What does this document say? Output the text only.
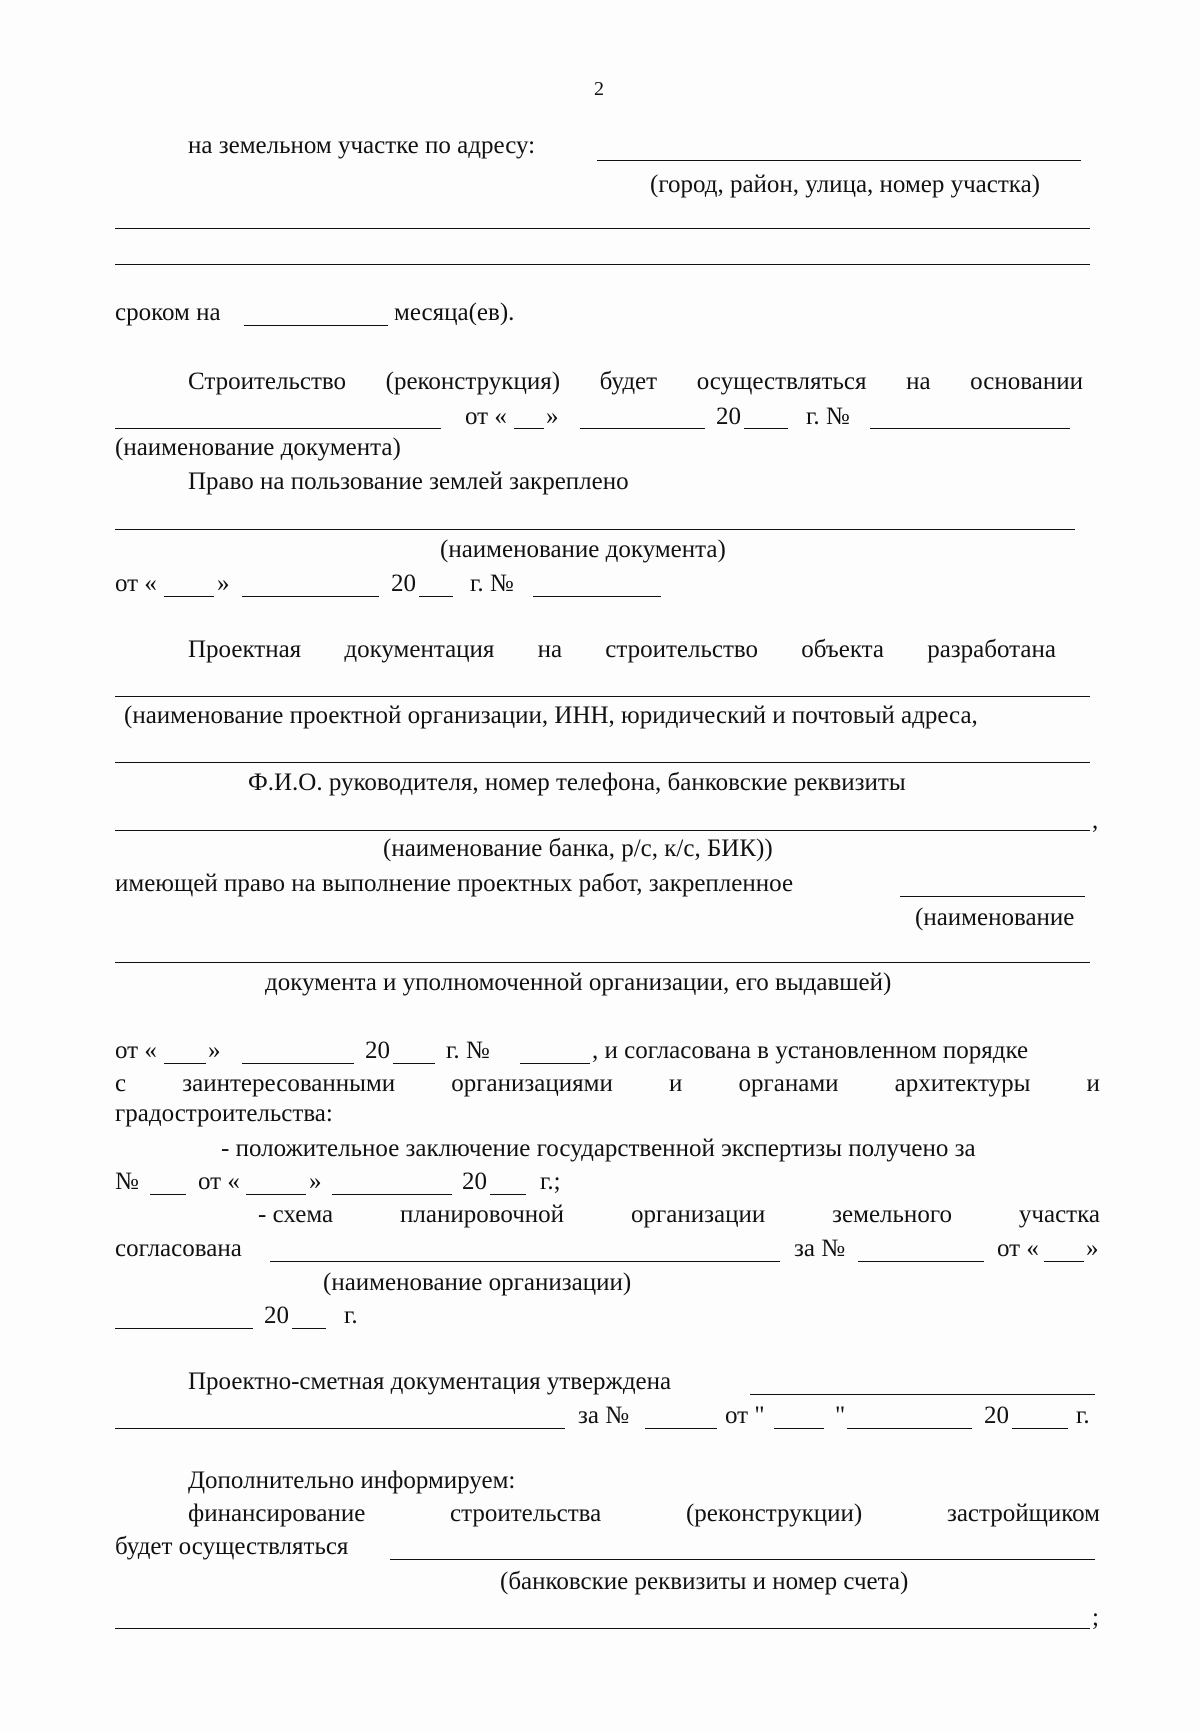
2
на земельном участке по адресу:
(город, район, улица, номер участка)
сроком на	месяца(ев).
Строительство (реконструкция) будет осуществляться на основании
от « »	20	г. №
(наименование документа)
Право на пользование землей закреплено
(наименование документа)
от « »	20 г. №
Проектная документация на строительство объекта разработана
(наименование проектной организации, ИНН, юридический и почтовый адреса,
Ф.И.О. руководителя, номер телефона, банковские реквизиты
,
(наименование банка, р/с, к/с, БИК))
имеющей право на выполнение проектных работ, закрепленное
(наименование
документа и уполномоченной организации, его выдавшей)
от « »	20 г. №	, и согласована в установленном порядке
с заинтересованными организациями и органами архитектуры и
градостроительства:
- положительное заключение государственной экспертизы получено за
№ от «	»	20 г.;
- схема	планировочной	организации	земельного	участка
согласована	за №	от « »
(наименование организации)
20 г.
Проектно-сметная документация утверждена
за №	от "	"	20	г.
Дополнительно информируем:
финансирование	строительства	(реконструкции)	застройщиком
будет осуществляться
(банковские реквизиты и номер счета)
;
